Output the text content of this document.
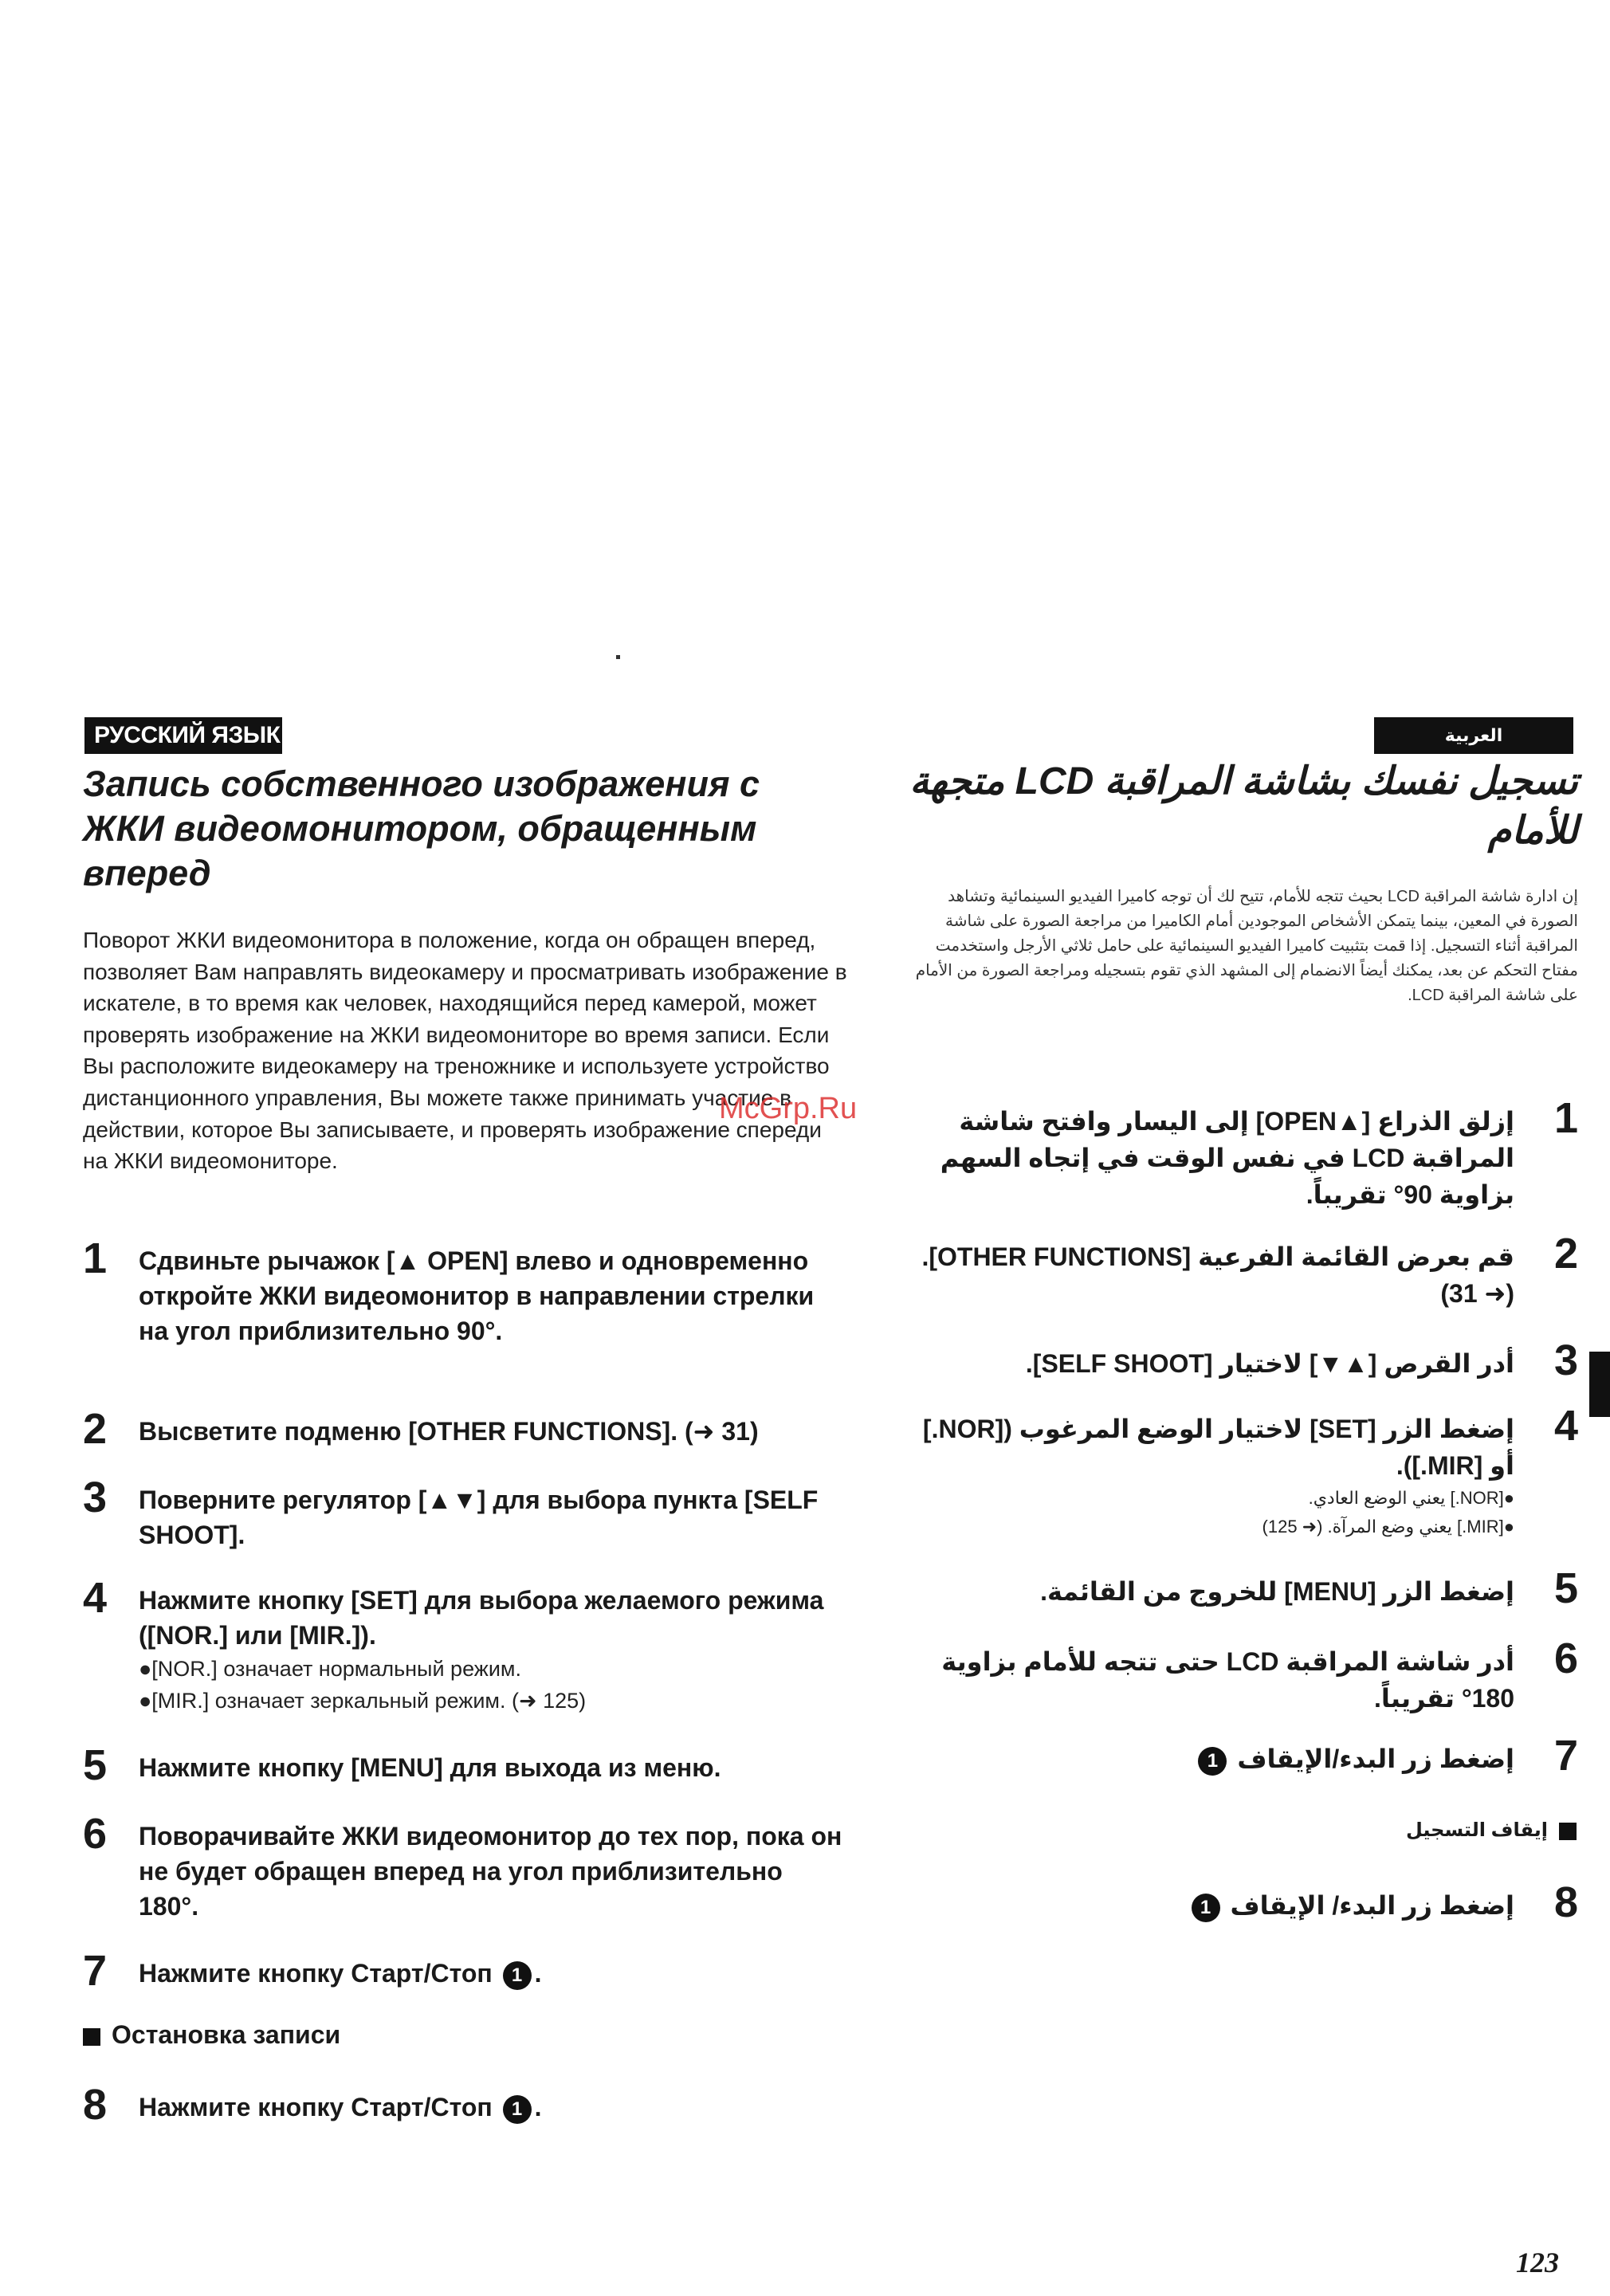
РУССКИЙ ЯЗЫК
Запись собственного изображения с ЖКИ видеомонитором, обращенным вперед
Поворот ЖКИ видеомонитора в положение, когда он обращен вперед, позволяет Вам направлять видеокамеру и просматривать изображение в искателе, в то время как человек, находящийся перед камерой, может проверять изображение на ЖКИ видеомониторе во время записи. Если Вы расположите видеокамеру на треножнике и используете устройство дистанционного управления, Вы можете также принимать участие в действии, которое Вы записываете, и проверять изображение спереди на ЖКИ видеомониторе.
1 Сдвиньте рычажок [▲ OPEN] влево и одновременно откройте ЖКИ видеомонитор в направлении стрелки на угол приблизительно 90°.
2 Высветите подменю [OTHER FUNCTIONS]. (➜ 31)
3 Поверните регулятор [▲▼] для выбора пункта [SELF SHOOT].
4 Нажмите кнопку [SET] для выбора желаемого режима ([NOR.] или [MIR.]).
●[NOR.] означает нормальный режим.
●[MIR.] означает зеркальный режим. (➜ 125)
5 Нажмите кнопку [MENU] для выхода из меню.
6 Поворачивайте ЖКИ видеомонитор до тех пор, пока он не будет обращен вперед на угол приблизительно 180°.
7 Нажмите кнопку Старт/Стоп 1 .
Остановка записи
8 Нажмите кнопку Старт/Стоп 1 .
McGrp.Ru
العربية
تسجيل نفسك بشاشة المراقبة LCD متجهة للأمام
إن ادارة شاشة المراقبة LCD بحيث تتجه للأمام، تتيح لك أن توجه كاميرا الفيديو السينمائية وتشاهد الصورة في المعين، بينما يتمكن الأشخاص الموجودين أمام الكاميرا من مراجعة الصورة على شاشة المراقبة أثناء التسجيل. إذا قمت بتثبيت كاميرا الفيديو السينمائية على حامل ثلاثي الأرجل واستخدمت مفتاح التحكم عن بعد، يمكنك أيضاً الانضمام إلى المشهد الذي تقوم بتسجيله ومراجعة الصورة من الأمام على شاشة المراقبة LCD.
1
إزلق الذراع [▲OPEN] إلى اليسار وافتح شاشة المراقبة LCD في نفس الوقت في إتجاه السهم بزاوية 90° تقريباً.
2
قم بعرض القائمة الفرعية [OTHER FUNCTIONS]. (➜ 31)
3
أدر القرص [▲▼] لاختيار [SELF SHOOT].
4
إضغط الزر [SET] لاختيار الوضع المرغوب ([NOR.] أو [MIR.]).
●[NOR.] يعني الوضع العادي.
●[MIR.] يعني وضع المرآة. (➜ 125)
5
إضغط الزر [MENU] للخروج من القائمة.
6
أدر شاشة المراقبة LCD حتى تتجه للأمام بزاوية 180° تقريباً.
7
إضغط زر البدء/الإيقاف 1
إيقاف التسجيل
8
إضغط زر البدء/ الإيقاف 1
123
